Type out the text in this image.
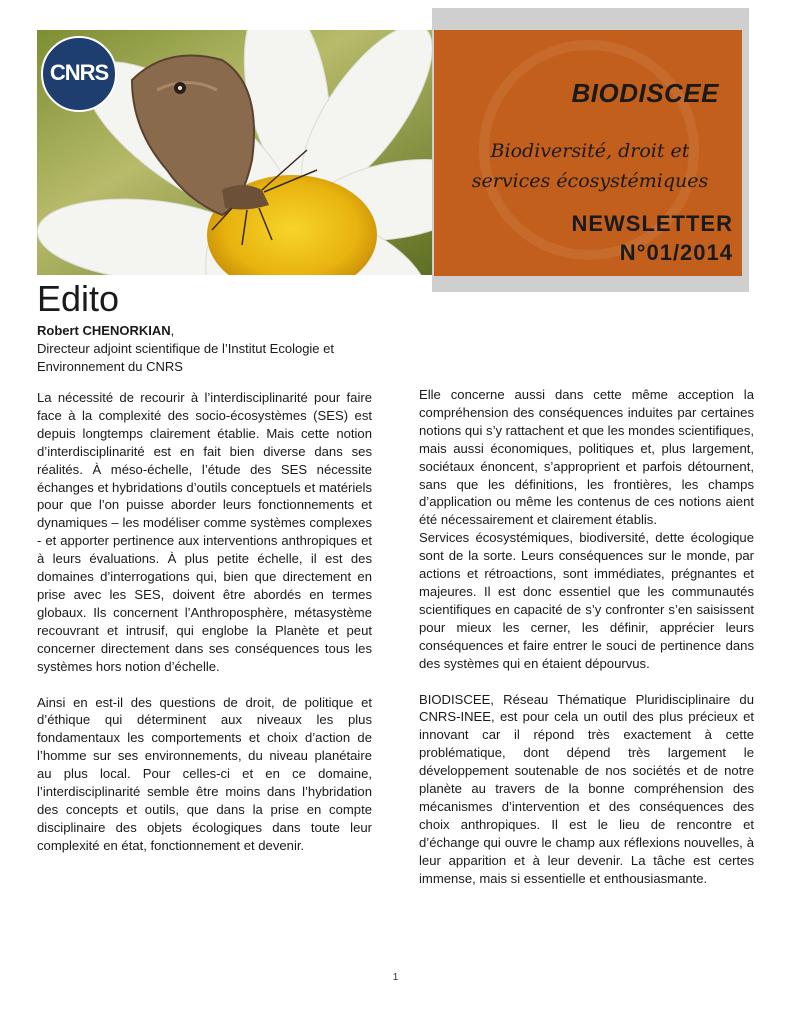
CNRS
BIODISCEE
Biodiversité, droit et
services écosystémiques
NEWSLETTER
N°01/2014
Edito
Robert CHENORKIAN,
Directeur adjoint scientifique de l’Institut Ecologie et Environnement du CNRS

La nécessité de recourir à l’interdisciplinarité pour faire face à la complexité des socio-écosystèmes (SES) est depuis longtemps clairement établie. Mais cette notion d’interdisciplinarité est en fait bien diverse dans ses réalités. À méso-échelle, l’étude des SES nécessite échanges et hybridations d’outils conceptuels et matériels pour que l’on puisse aborder leurs fonctionnements et dynamiques – les modéliser comme systèmes complexes - et apporter pertinence aux interventions anthropiques et à leurs évaluations. À plus petite échelle, il est des domaines d’interrogations qui, bien que directement en prise avec les SES, doivent être abordés en termes globaux. Ils concernent l’Anthroposphère, métasystème recouvrant et intrusif, qui englobe la Planète et peut concerner directement dans ses conséquences tous les systèmes hors notion d’échelle.

Ainsi en est-il des questions de droit, de politique et d’éthique qui déterminent aux niveaux les plus fondamentaux les comportements et choix d’action de l’homme sur ses environnements, du niveau planétaire au plus local. Pour celles-ci et en ce domaine, l’interdisciplinarité semble être moins dans l’hybridation des concepts et outils, que dans la prise en compte disciplinaire des objets écologiques dans toute leur complexité en état, fonctionnement et devenir.

Elle concerne aussi dans cette même acception la compréhension des conséquences induites par certaines notions qui s’y rattachent et que les mondes scientifiques, mais aussi économiques, politiques et, plus largement, sociétaux énoncent, s’approprient et parfois détournent, sans que les définitions, les frontières, les champs d’application ou même les contenus de ces notions aient été nécessairement et clairement établis.

Services écosystémiques, biodiversité, dette écologique sont de la sorte. Leurs conséquences sur le monde, par actions et rétroactions, sont immédiates, prégnantes et majeures. Il est donc essentiel que les communautés scientifiques en capacité de s’y confronter s’en saisissent pour mieux les cerner, les définir, apprécier leurs conséquences et faire entrer le souci de pertinence dans des systèmes qui en étaient dépourvus.

BIODISCEE, Réseau Thématique Pluridisciplinaire du CNRS-INEE, est pour cela un outil des plus précieux et innovant car il répond très exactement à cette problématique, dont dépend très largement le développement soutenable de nos sociétés et de notre planète au travers de la bonne compréhension des mécanismes d’intervention et des conséquences des choix anthropiques. Il est le lieu de rencontre et d’échange qui ouvre le champ aux réflexions nouvelles, à leur apparition et à leur devenir. La tâche est certes immense, mais si essentielle et enthousiasmante.

1
